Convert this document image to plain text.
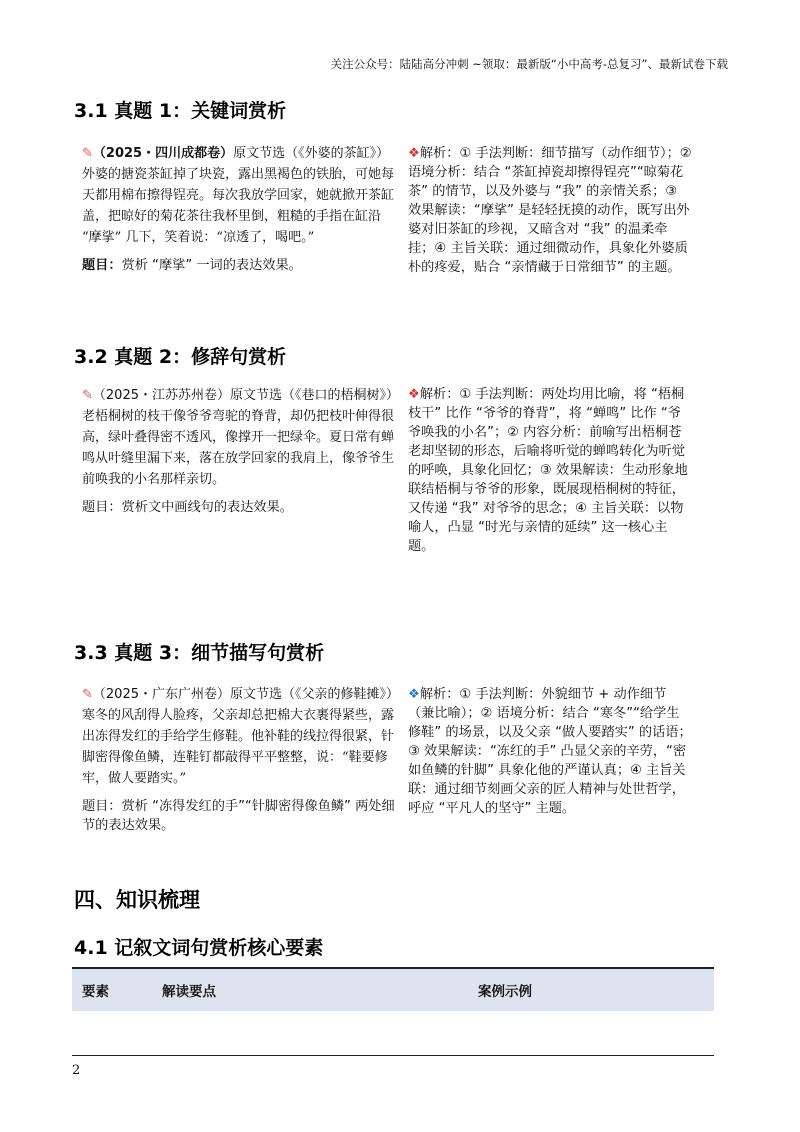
关注公众号：陆陆高分冲刺 ~领取：最新版“小中高考-总复习”、最新试卷下载
3.1 真题 1：关键词赏析
✎（2025・四川成都卷）原文节选（《外婆的茶缸》）外婆的搪瓷茶缸掉了块瓷，露出黑褐色的铁胎，可她每天都用棉布擦得锃亮。每次我放学回家，她就掀开茶缸盖，把晾好的菊花茶往我杯里倒，粗糙的手指在缸沿 “摩挲” 几下，笑着说：“凉透了，喝吧。”
题目：赏析 “摩挲” 一词的表达效果。
❖解析：① 手法判断：细节描写（动作细节）；② 语境分析：结合 “茶缸掉瓷却擦得锃亮”“晾菊花茶” 的情节，以及外婆与 “我” 的亲情关系；③ 效果解读：“摩挲” 是轻轻抚摸的动作，既写出外婆对旧茶缸的珍视，又暗含对 “我” 的温柔牵挂；④ 主旨关联：通过细微动作，具象化外婆质朴的疼爱，贴合 “亲情藏于日常细节” 的主题。
3.2 真题 2：修辞句赏析
✎（2025・江苏苏州卷）原文节选（《巷口的梧桐树》）老梧桐树的枝干像爷爷弯驼的脊背，却仍把枝叶伸得很高，绿叶叠得密不透风，像撑开一把绿伞。夏日常有蝉鸣从叶缝里漏下来，落在放学回家的我肩上，像爷爷生前唤我的小名那样亲切。
题目：赏析文中画线句的表达效果。
❖解析：① 手法判断：两处均用比喻，将 “梧桐枝干” 比作 “爷爷的脊背”，将 “蝉鸣” 比作 “爷爷唤我的小名”；② 内容分析：前喻写出梧桐苍老却坚韧的形态，后喻将听觉的蝉鸣转化为听觉的呼唤，具象化回忆；③ 效果解读：生动形象地联结梧桐与爷爷的形象，既展现梧桐树的特征，又传递 “我” 对爷爷的思念；④ 主旨关联：以物喻人，凸显 “时光与亲情的延续” 这一核心主题。
3.3 真题 3：细节描写句赏析
✎（2025・广东广州卷）原文节选（《父亲的修鞋摊》）寒冬的风刮得人脸疼，父亲却总把棉大衣裹得紧些，露出冻得发红的手给学生修鞋。他补鞋的线拉得很紧，针脚密得像鱼鳞，连鞋钉都敲得平平整整，说：“鞋要修牢，做人要踏实。”
题目：赏析 “冻得发红的手”“针脚密得像鱼鳞” 两处细节的表达效果。
❖解析：① 手法判断：外貌细节 + 动作细节（兼比喻）；② 语境分析：结合 “寒冬”“给学生修鞋” 的场景，以及父亲 “做人要踏实” 的话语；③ 效果解读：“冻红的手” 凸显父亲的辛劳，“密如鱼鳞的针脚” 具象化他的严谨认真；④ 主旨关联：通过细节刻画父亲的匠人精神与处世哲学，呼应 “平凡人的坚守” 主题。
四、知识梳理
4.1 记叙文词句赏析核心要素
要素	解读要点	案例示例
2
